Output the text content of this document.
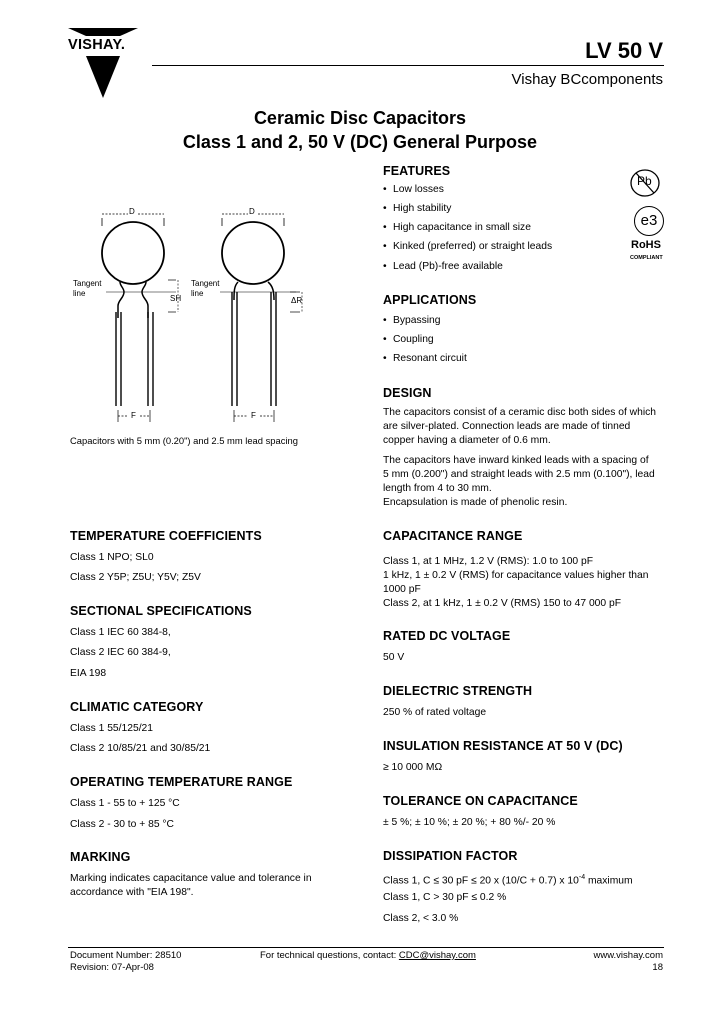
VISHAY.	LV 50 V
Vishay BCcomponents
Ceramic Disc Capacitors
Class 1 and 2, 50 V (DC) General Purpose
D	D
Tangent
line
Tangent
line
SH	ΔR
F	F
Capacitors with 5 mm (0.20") and 2.5 mm lead spacing
Pb
e3
RoHS
COMPLIANT
FEATURES
• Low losses
• High stability
• High capacitance in small size
• Kinked (preferred) or straight leads
• Lead (Pb)-free available
APPLICATIONS
• Bypassing
• Coupling
• Resonant circuit
DESIGN
The capacitors consist of a ceramic disc both sides of which
are silver-plated. Connection leads are made of tinned
copper having a diameter of 0.6 mm.
The capacitors have inward kinked leads with a spacing of
5 mm (0.200") and straight leads with 2.5 mm (0.100"), lead
length from 4 to 30 mm.
Encapsulation is made of phenolic resin.
TEMPERATURE COEFFICIENTS
Class 1 NPO; SL0
Class 2 Y5P; Z5U; Y5V; Z5V
SECTIONAL SPECIFICATIONS
Class 1 IEC 60 384-8,
Class 2 IEC 60 384-9,
EIA 198
CLIMATIC CATEGORY
Class 1 55/125/21
Class 2 10/85/21 and 30/85/21
OPERATING TEMPERATURE RANGE
Class 1 - 55 to + 125 °C
Class 2 - 30 to + 85 °C
MARKING
Marking indicates capacitance value and tolerance in
accordance with "EIA 198".
CAPACITANCE RANGE
Class 1, at 1 MHz, 1.2 V (RMS): 1.0 to 100 pF
1 kHz, 1 ± 0.2 V (RMS) for capacitance values higher than
1000 pF
Class 2, at 1 kHz, 1 ± 0.2 V (RMS) 150 to 47 000 pF
RATED DC VOLTAGE
50 V
DIELECTRIC STRENGTH
250 % of rated voltage
INSULATION RESISTANCE AT 50 V (DC)
≥ 10 000 MΩ
TOLERANCE ON CAPACITANCE
± 5 %; ± 10 %; ± 20 %; + 80 %/- 20 %
DISSIPATION FACTOR
Class 1, C ≤ 30 pF ≤ 20 x (10/C + 0.7) x $10^{-4}$ maximum
Class 1, C > 30 pF ≤ 0.2 %
Class 2, < 3.0 %
Document Number: 28510
Revision: 07-Apr-08
For technical questions, contact: CDC@vishay.com	www.vishay.com
18
